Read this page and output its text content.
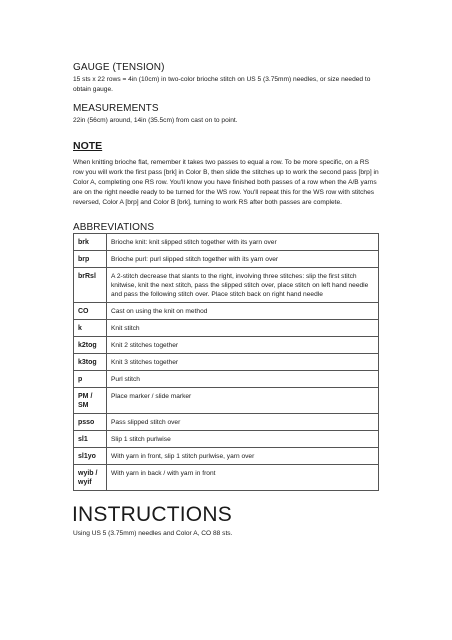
GAUGE (TENSION)

15 sts x 22 rows = 4in (10cm) in two-color brioche stitch on US 5 (3.75mm) needles, or size needed to obtain gauge.

MEASUREMENTS

22in (56cm) around, 14in (35.5cm) from cast on to point.

NOTE

When knitting brioche flat, remember it takes two passes to equal a row. To be more specific, on a RS row you will work the first pass [brk] in Color B, then slide the stitches up to work the second pass [brp] in Color A, completing one RS row. You'll know you have finished both passes of a row when the A/B yarns are on the right needle ready to be turned for the WS row. You'll repeat this for the WS row with stitches reversed, Color A [brp] and Color B [brk], turning to work RS after both passes are complete.

ABBREVIATIONS
brk	Brioche knit: knit slipped stitch together with its yarn over
brp	Brioche purl: purl slipped stitch together with its yarn over
brRsl	A 2-stitch decrease that slants to the right, involving three stitches: slip the first stitch knitwise, knit the next stitch, pass the slipped stitch over, place stitch on left hand needle and pass the following stitch over. Place stitch back on right hand needle
CO	Cast on using the knit on method
k	Knit stitch
k2tog	Knit 2 stitches together
k3tog	Knit 3 stitches together
p	Purl stitch
PM / SM	Place marker / slide marker
psso	Pass slipped stitch over
sl1	Slip 1 stitch purlwise
sl1yo	With yarn in front, slip 1 stitch purlwise, yarn over
wyib / wyif	With yarn in back / with yarn in front
INSTRUCTIONS

Using US 5 (3.75mm) needles and Color A, CO 88 sts.
